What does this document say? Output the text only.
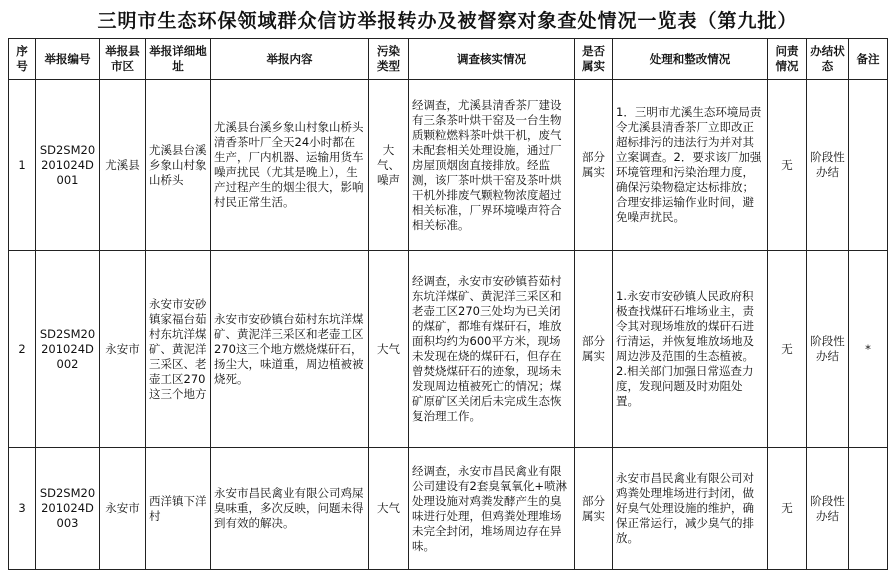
三明市生态环保领域群众信访举报转办及被督察对象查处情况一览表（第九批）
序号	举报编号	举报县市区	举报详细地址	举报内容	污染类型	调查核实情况	是否属实	处理和整改情况	问责情况	办结状态	备注
1	SD2SM20201024D001	尤溪县	尤溪县台溪乡象山村象山桥头	尤溪县台溪乡象山村象山桥头清香茶叶厂全天24小时都在生产，厂内机器、运输用货车噪声扰民（尤其是晚上），生产过程产生的烟尘很大，影响村民正常生活。	大气、噪声	经调查，尤溪县清香茶厂建设有三条茶叶烘干窑及一台生物质颗粒燃料茶叶烘干机，废气未配套相关处理设施，通过厂房屋顶烟囱直接排放。经监测，该厂茶叶烘干窑及茶叶烘干机外排废气颗粒物浓度超过相关标准，厂界环境噪声符合相关标准。	部分属实	1．三明市尤溪生态环境局责令尤溪县清香茶厂立即改正超标排污的违法行为并对其立案调查。2．要求该厂加强环境管理和污染治理力度，确保污染物稳定达标排放；合理安排运输作业时间，避免噪声扰民。	无	阶段性办结	
2	SD2SM20201024D002	永安市	永安市安砂镇家福台茹村东坑洋煤矿、黄泥洋三采区、老壶工区270这三个地方	永安市安砂镇台茹村东坑洋煤矿、黄泥洋三采区和老壶工区270这三个地方燃烧煤矸石，扬尘大，味道重，周边植被被烧死。	大气	经调查，永安市安砂镇苔茹村东坑洋煤矿、黄泥洋三采区和老壶工区270三处均为已关闭的煤矿，都堆有煤矸石，堆放面积均约为600平方米，现场未发现在烧的煤矸石，但存在曾焚烧煤矸石的迹象，现场未发现周边植被死亡的情况；煤矿原矿区关闭后未完成生态恢复治理工作。	部分属实	1.永安市安砂镇人民政府积极查找煤矸石堆场业主，责令其对现场堆放的煤矸石进行清运，并恢复堆放场地及周边涉及范围的生态植被。2.相关部门加强日常巡查力度，发现问题及时劝阻处置。	无	阶段性办结	*
3	SD2SM20201024D003	永安市	西洋镇下洋村	永安市昌民禽业有限公司鸡屎臭味重，多次反映，问题未得到有效的解决。	大气	经调查，永安市昌民禽业有限公司建设有2套臭氧氧化+喷淋处理设施对鸡粪发酵产生的臭味进行处理，但鸡粪处理堆场未完全封闭，堆场周边存在异味。	部分属实	永安市昌民禽业有限公司对鸡粪处理堆场进行封闭，做好臭气处理设施的维护，确保正常运行，减少臭气的排放。	无	阶段性办结	
